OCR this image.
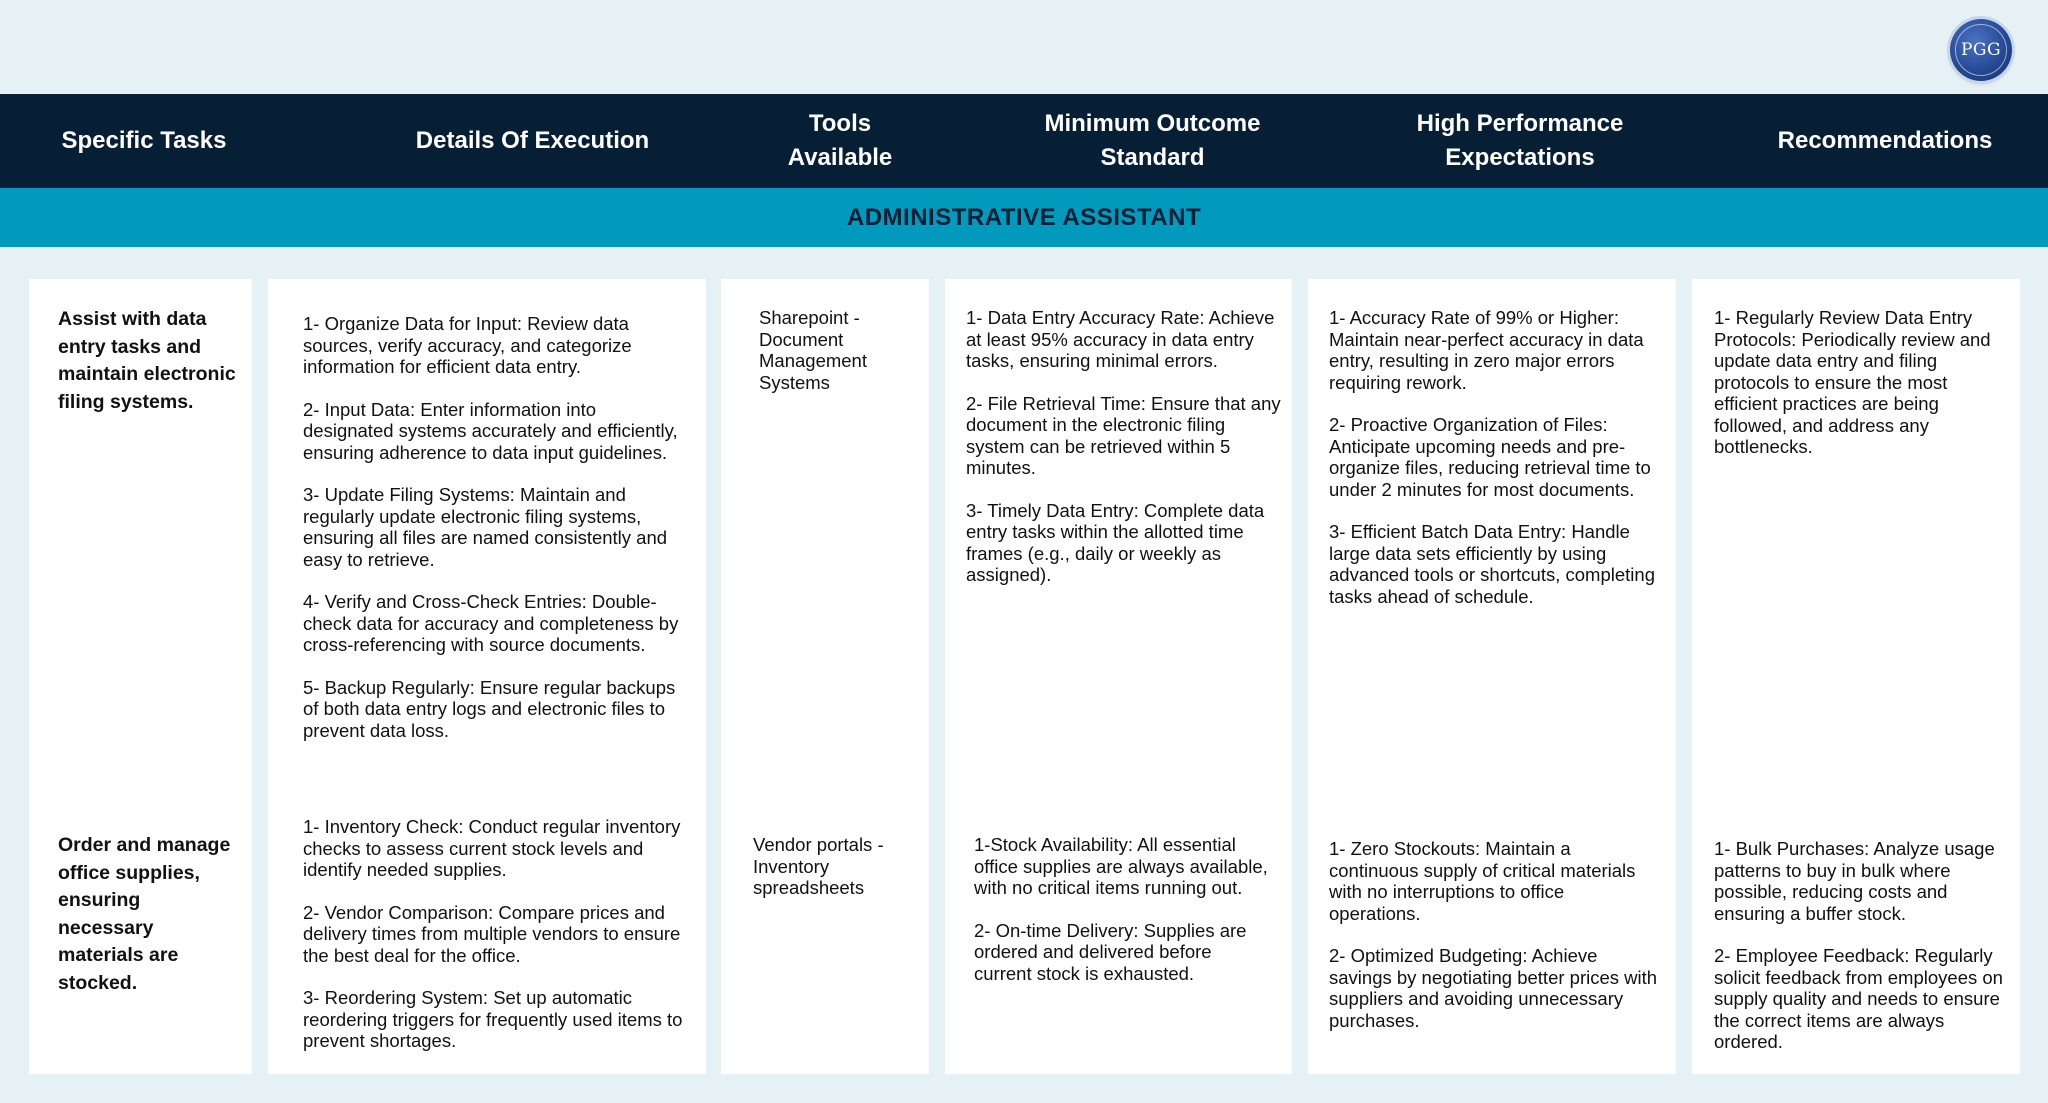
PGG
Specific Tasks	Details Of Execution
Tools Available
Minimum Outcome Standard
High Performance Expectations
Recommendations
ADMINISTRATIVE ASSISTANT
Assist with data entry tasks and maintain electronic filing systems.

1- Organize Data for Input: Review data sources, verify accuracy, and categorize information for efficient data entry.

2- Input Data: Enter information into designated systems accurately and efficiently, ensuring adherence to data input guidelines.

3- Update Filing Systems: Maintain and regularly update electronic filing systems, ensuring all files are named consistently and easy to retrieve.

4- Verify and Cross-Check Entries: Double-check data for accuracy and completeness by cross-referencing with source documents.

5- Backup Regularly: Ensure regular backups of both data entry logs and electronic files to prevent data loss.

Sharepoint - Document Management Systems

1- Data Entry Accuracy Rate: Achieve at least 95% accuracy in data entry tasks, ensuring minimal errors.

2- File Retrieval Time: Ensure that any document in the electronic filing system can be retrieved within 5 minutes.

3- Timely Data Entry: Complete data entry tasks within the allotted time frames (e.g., daily or weekly as assigned).

1- Accuracy Rate of 99% or Higher: Maintain near-perfect accuracy in data entry, resulting in zero major errors requiring rework.

2- Proactive Organization of Files: Anticipate upcoming needs and pre-organize files, reducing retrieval time to under 2 minutes for most documents.

3- Efficient Batch Data Entry: Handle large data sets efficiently by using advanced tools or shortcuts, completing tasks ahead of schedule.

1- Regularly Review Data Entry Protocols: Periodically review and update data entry and filing protocols to ensure the most efficient practices are being followed, and address any bottlenecks.

Order and manage office supplies, ensuring necessary materials are stocked.

1- Inventory Check: Conduct regular inventory checks to assess current stock levels and identify needed supplies.

2- Vendor Comparison: Compare prices and delivery times from multiple vendors to ensure the best deal for the office.

3- Reordering System: Set up automatic reordering triggers for frequently used items to prevent shortages.

Vendor portals - Inventory spreadsheets

1-Stock Availability: All essential office supplies are always available, with no critical items running out.

2- On-time Delivery: Supplies are ordered and delivered before current stock is exhausted.

1- Zero Stockouts: Maintain a continuous supply of critical materials with no interruptions to office operations.

2- Optimized Budgeting: Achieve savings by negotiating better prices with suppliers and avoiding unnecessary purchases.

1- Bulk Purchases: Analyze usage patterns to buy in bulk where possible, reducing costs and ensuring a buffer stock.

2- Employee Feedback: Regularly solicit feedback from employees on supply quality and needs to ensure the correct items are always ordered.
